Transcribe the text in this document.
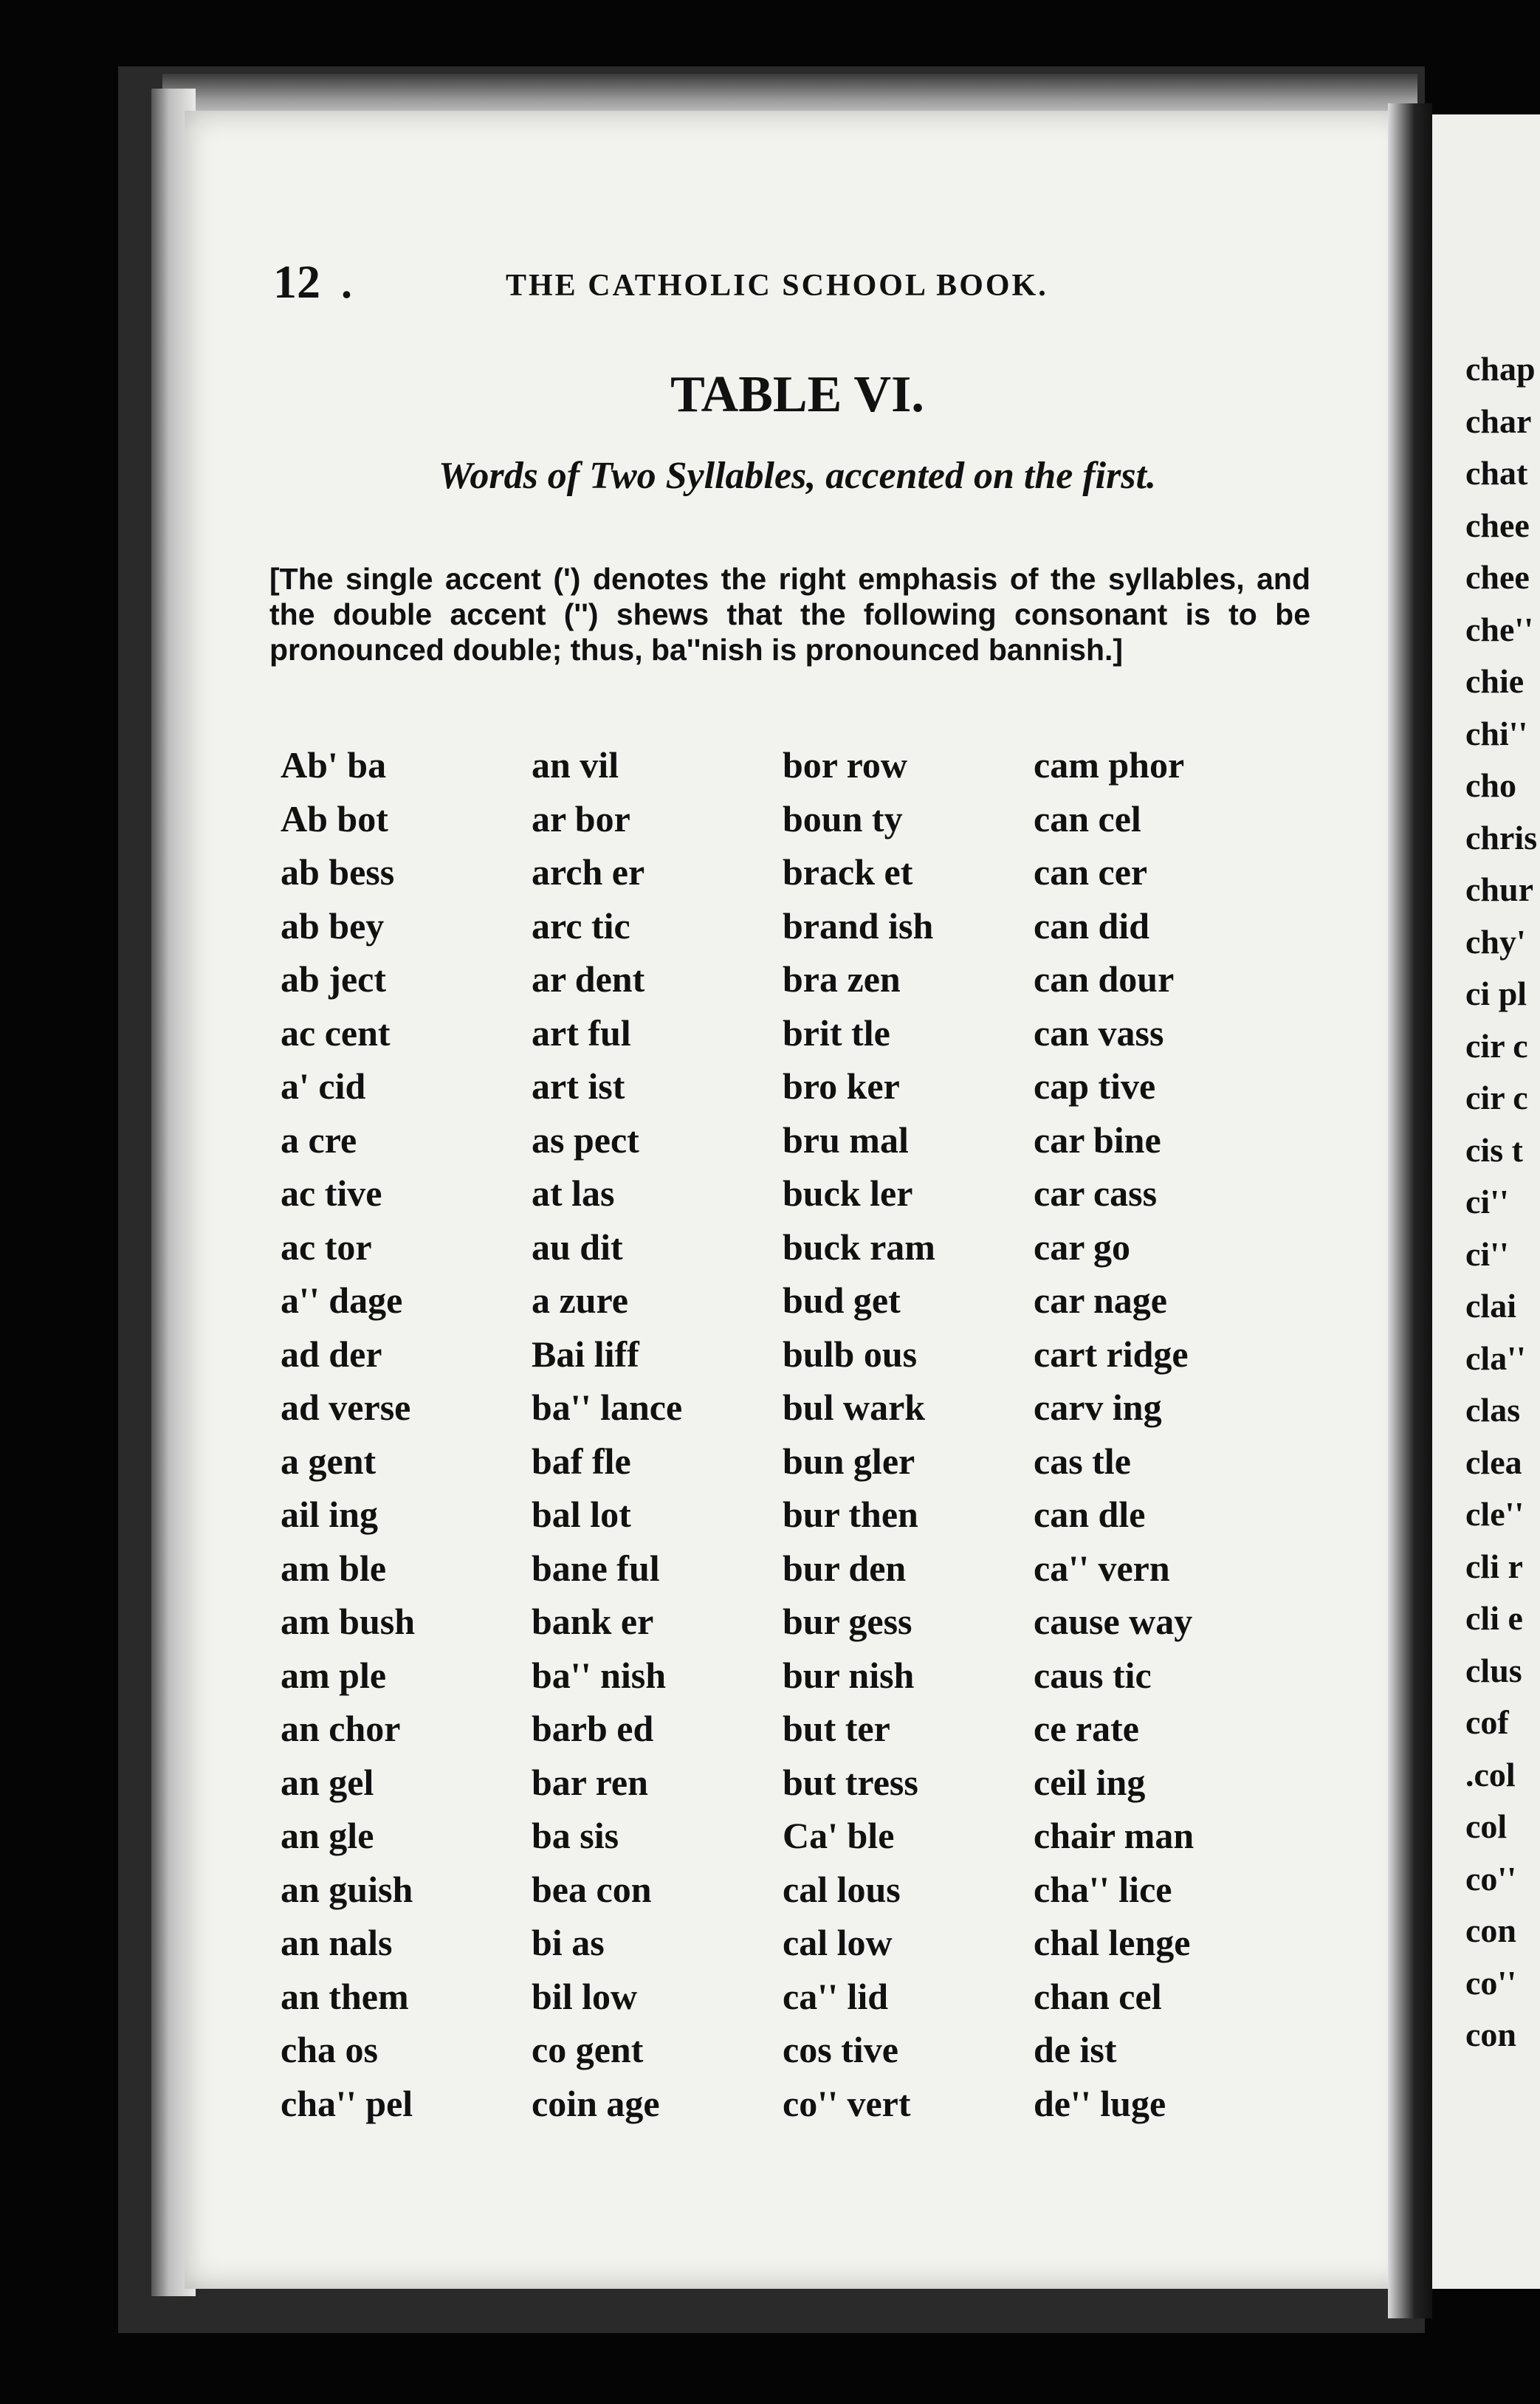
chap
char
chat
chee
chee
che''
chie
chi''
cho
chris
chur
chy'
ci pl
cir c
cir c
cis t
ci''
ci''
clai
cla''
clas
clea
cle''
cli r
cli e
clus
cof
.col
col
co''
con
co''
con
12 .	THE CATHOLIC SCHOOL BOOK.
TABLE VI.
Words of Two Syllables, accented on the first.
[The single accent (') denotes the right emphasis of the syllables, and the double accent ('') shews that the following consonant is to be pronounced double; thus, ba''nish is pronounced bannish.]
Ab' ba
Ab bot
ab bess
ab bey
ab ject
ac cent
a' cid
a cre
ac tive
ac tor
a'' dage
ad der
ad verse
a gent
ail ing
am ble
am bush
am ple
an chor
an gel
an gle
an guish
an nals
an them
cha os
cha'' pel
an vil
ar bor
arch er
arc tic
ar dent
art ful
art ist
as pect
at las
au dit
a zure
Bai liff
ba'' lance
baf fle
bal lot
bane ful
bank er
ba'' nish
barb ed
bar ren
ba sis
bea con
bi as
bil low
co gent
coin age
bor row
boun ty
brack et
brand ish
bra zen
brit tle
bro ker
bru mal
buck ler
buck ram
bud get
bulb ous
bul wark
bun gler
bur then
bur den
bur gess
bur nish
but ter
but tress
Ca' ble
cal lous
cal low
ca'' lid
cos tive
co'' vert
cam phor
can cel
can cer
can did
can dour
can vass
cap tive
car bine
car cass
car go
car nage
cart ridge
carv ing
cas tle
can dle
ca'' vern
cause way
caus tic
ce rate
ceil ing
chair man
cha'' lice
chal lenge
chan cel
de ist
de'' luge
